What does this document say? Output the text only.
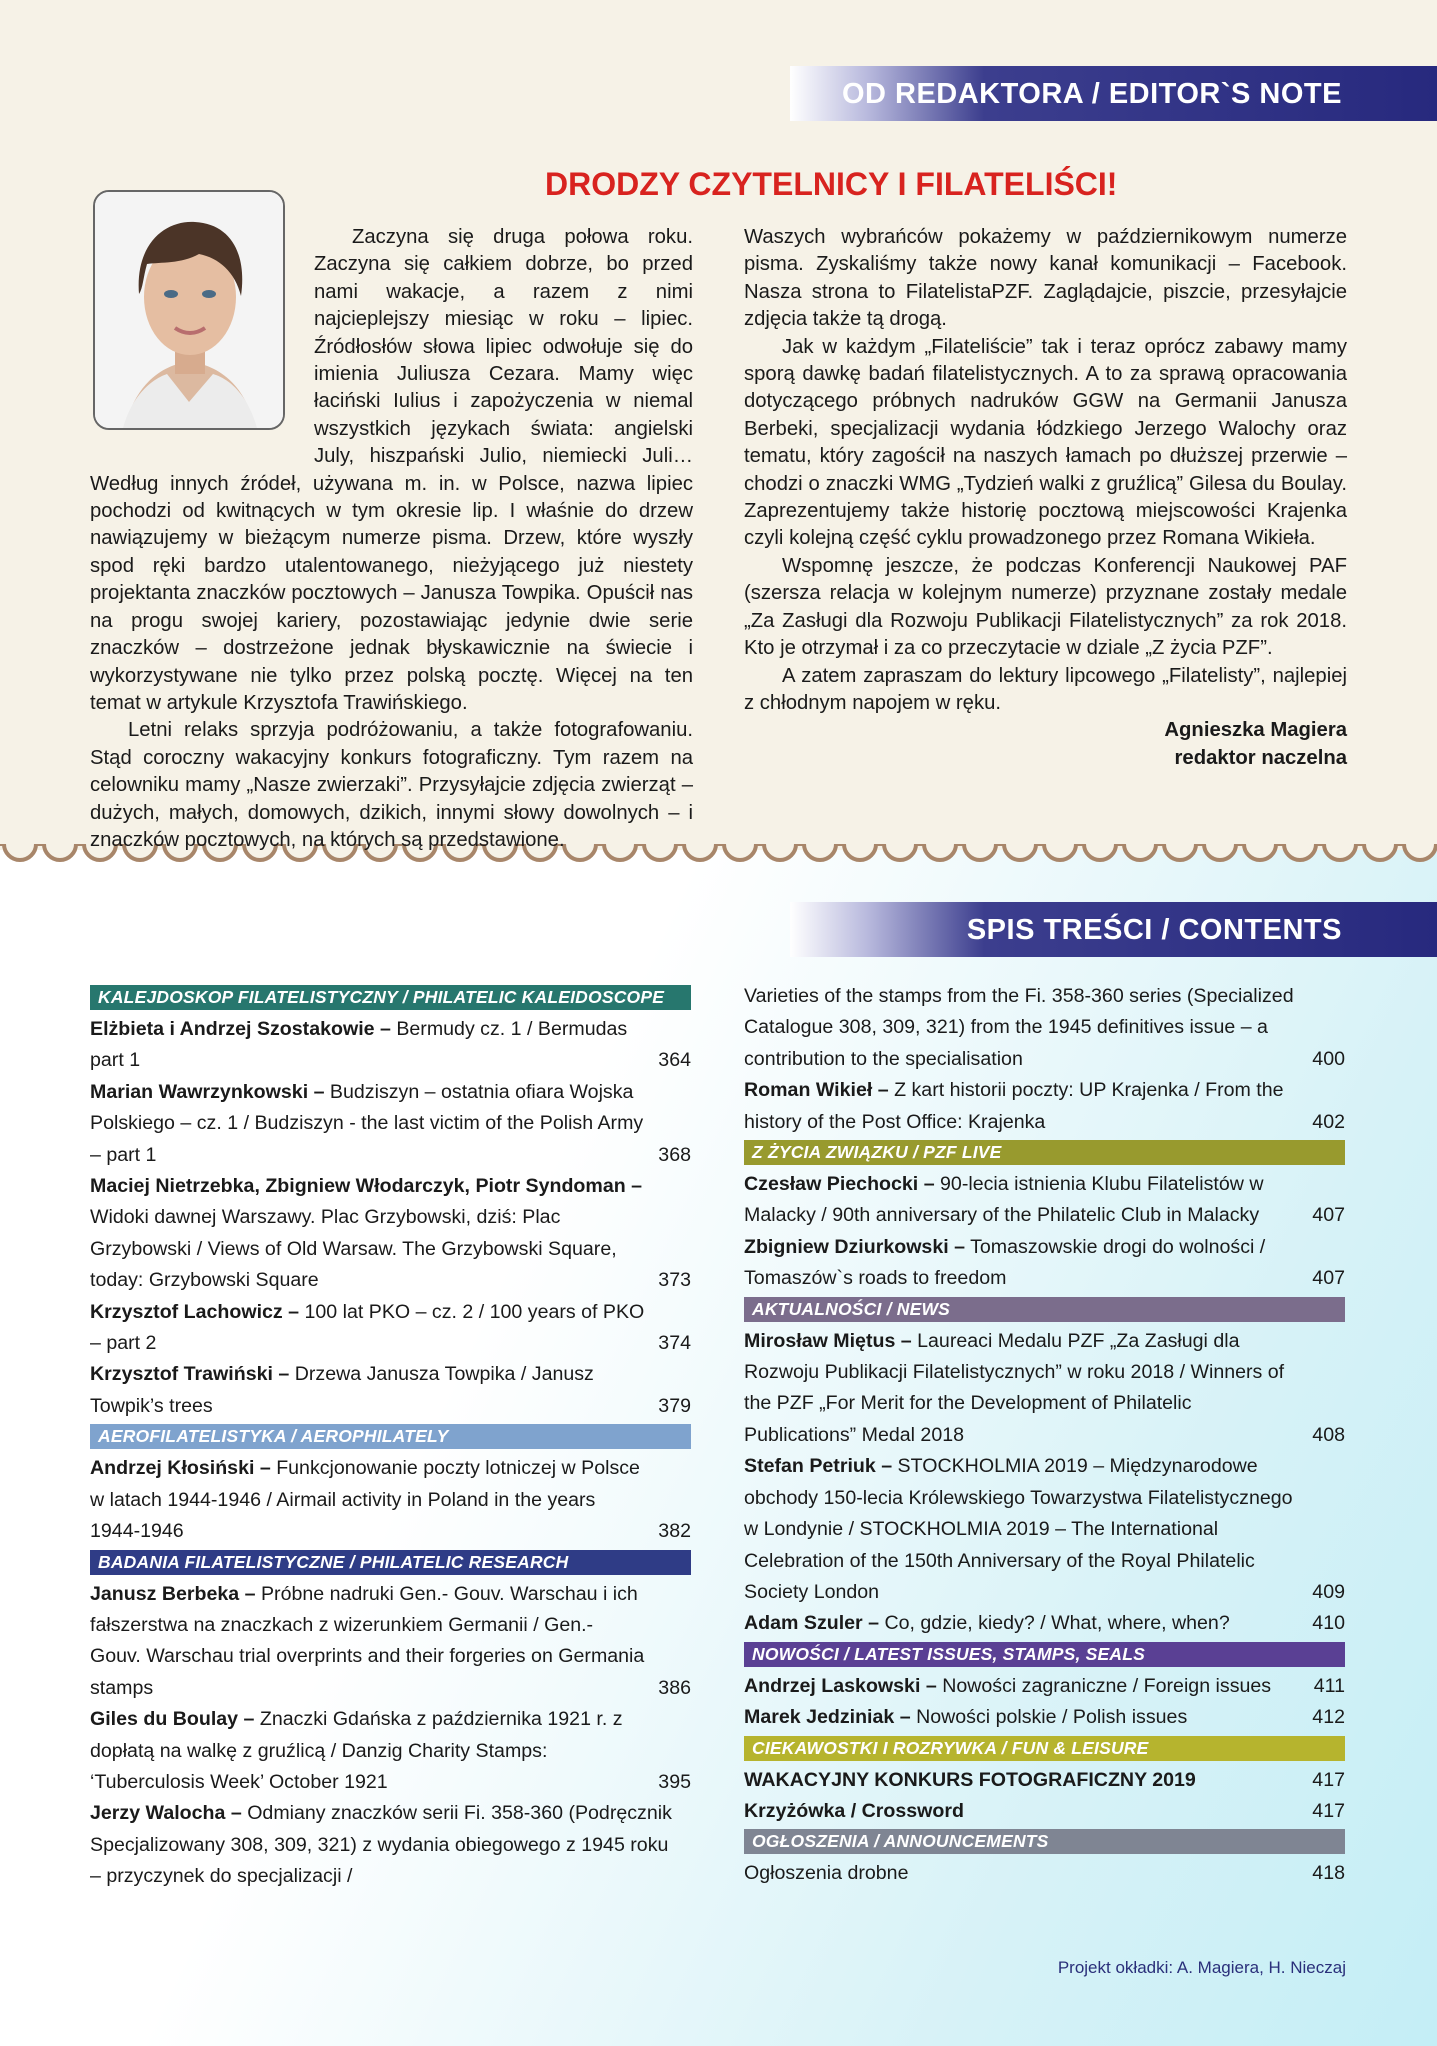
OD REDAKTORA / EDITOR`S NOTE
DRODZY CZYTELNICY I FILATELIŚCI!

Zaczyna się druga połowa roku. Zaczyna się całkiem dobrze, bo przed nami wakacje, a razem z nimi najcieplejszy miesiąc w roku – lipiec. Źródłosłów słowa lipiec odwołuje się do imienia Juliusza Cezara. Mamy więc łaciński Iulius i zapożyczenia w niemal wszystkich językach świata: angielski July, hiszpański Julio, niemiecki Juli… Według innych źródeł, używana m. in. w Polsce, nazwa lipiec pochodzi od kwitnących w tym okresie lip. I właśnie do drzew nawiązujemy w bieżącym numerze pisma. Drzew, które wyszły spod ręki bardzo utalentowanego, nieżyjącego już niestety projektanta znaczków pocztowych – Janusza Towpika. Opuścił nas na progu swojej kariery, pozostawiając jedynie dwie serie znaczków – dostrzeżone jednak błyskawicznie na świecie i wykorzystywane nie tylko przez polską pocztę. Więcej na ten temat w artykule Krzysztofa Trawińskiego.

Letni relaks sprzyja podróżowaniu, a także fotografowaniu. Stąd coroczny wakacyjny konkurs fotograficzny. Tym razem na celowniku mamy „Nasze zwierzaki”. Przysyłajcie zdjęcia zwierząt – dużych, małych, domowych, dzikich, innymi słowy dowolnych – i znaczków pocztowych, na których są przedstawione.

Waszych wybrańców pokażemy w październikowym numerze pisma. Zyskaliśmy także nowy kanał komunikacji – Facebook. Nasza strona to FilatelistaPZF. Zaglądajcie, piszcie, przesyłajcie zdjęcia także tą drogą.

Jak w każdym „Filateliście” tak i teraz oprócz zabawy mamy sporą dawkę badań filatelistycznych. A to za sprawą opracowania dotyczącego próbnych nadruków GGW na Germanii Janusza Berbeki, specjalizacji wydania łódzkiego Jerzego Walochy oraz tematu, który zagościł na naszych łamach po dłuższej przerwie – chodzi o znaczki WMG „Tydzień walki z gruźlicą” Gilesa du Boulay. Zaprezentujemy także historię pocztową miejscowości Krajenka czyli kolejną część cyklu prowadzonego przez Romana Wikieła.

Wspomnę jeszcze, że podczas Konferencji Naukowej PAF (szersza relacja w kolejnym numerze) przyznane zostały medale „Za Zasługi dla Rozwoju Publikacji Filatelistycznych” za rok 2018. Kto je otrzymał i za co przeczytacie w dziale „Z życia PZF”.

A zatem zapraszam do lektury lipcowego „Filatelisty”, najlepiej z chłodnym napojem w ręku.

Agnieszka Magiera
redaktor naczelna
SPIS TREŚCI / CONTENTS
KALEJDOSKOP FILATELISTYCZNY / PHILATELIC KALEIDOSCOPE
Elżbieta i Andrzej Szostakowie – Bermudy cz. 1 / Bermudas part 1	364
Marian Wawrzynkowski – Budziszyn – ostatnia ofiara Wojska Polskiego – cz. 1 / Budziszyn - the last victim of the Polish Army – part 1	368
Maciej Nietrzebka, Zbigniew Włodarczyk, Piotr Syndoman – Widoki dawnej Warszawy. Plac Grzybowski, dziś: Plac Grzybowski / Views of Old Warsaw. The Grzybowski Square, today: Grzybowski Square	373
Krzysztof Lachowicz – 100 lat PKO – cz. 2 / 100 years of PKO – part 2	374
Krzysztof Trawiński – Drzewa Janusza Towpika / Janusz Towpik’s trees	379
AEROFILATELISTYKA / AEROPHILATELY
Andrzej Kłosiński – Funkcjonowanie poczty lotniczej w Polsce w latach 1944-1946 / Airmail activity in Poland in the years 1944-1946	382
BADANIA FILATELISTYCZNE / PHILATELIC RESEARCH
Janusz Berbeka – Próbne nadruki Gen.- Gouv. Warschau i ich fałszerstwa na znaczkach z wizerunkiem Germanii / Gen.- Gouv. Warschau trial overprints and their forgeries on Germania stamps	386
Giles du Boulay – Znaczki Gdańska z października 1921 r. z dopłatą na walkę z gruźlicą / Danzig Charity Stamps: ‘Tuberculosis Week’ October 1921	395
Jerzy Walocha – Odmiany znaczków serii Fi. 358-360 (Podręcznik Specjalizowany 308, 309, 321) z wydania obiegowego z 1945 roku – przyczynek do specjalizacji /
Varieties of the stamps from the Fi. 358-360 series (Specialized Catalogue 308, 309, 321) from the 1945 definitives issue – a contribution to the specialisation	400
Roman Wikieł – Z kart historii poczty: UP Krajenka / From the history of the Post Office: Krajenka	402
Z ŻYCIA ZWIĄZKU / PZF LIVE
Czesław Piechocki – 90-lecia istnienia Klubu Filatelistów w Malacky / 90th anniversary of the Philatelic Club in Malacky	407
Zbigniew Dziurkowski – Tomaszowskie drogi do wolności / Tomaszów`s roads to freedom	407
AKTUALNOŚCI / NEWS
Mirosław Miętus – Laureaci Medalu PZF „Za Zasługi dla Rozwoju Publikacji Filatelistycznych” w roku 2018 / Winners of the PZF „For Merit for the Development of Philatelic Publications” Medal 2018	408
Stefan Petriuk – STOCKHOLMIA 2019 – Międzynarodowe obchody 150-lecia Królewskiego Towarzystwa Filatelistycznego w Londynie / STOCKHOLMIA 2019 – The International Celebration of the 150th Anniversary of the Royal Philatelic Society London	409
Adam Szuler – Co, gdzie, kiedy? / What, where, when?	410
NOWOŚCI / LATEST ISSUES, STAMPS, SEALS
Andrzej Laskowski – Nowości zagraniczne / Foreign issues	411
Marek Jedziniak – Nowości polskie / Polish issues	412
CIEKAWOSTKI I ROZRYWKA / FUN & LEISURE
WAKACYJNY KONKURS FOTOGRAFICZNY 2019	417
Krzyżówka / Crossword	417
OGŁOSZENIA / ANNOUNCEMENTS
Ogłoszenia drobne	418
Projekt okładki: A. Magiera, H. Nieczaj
